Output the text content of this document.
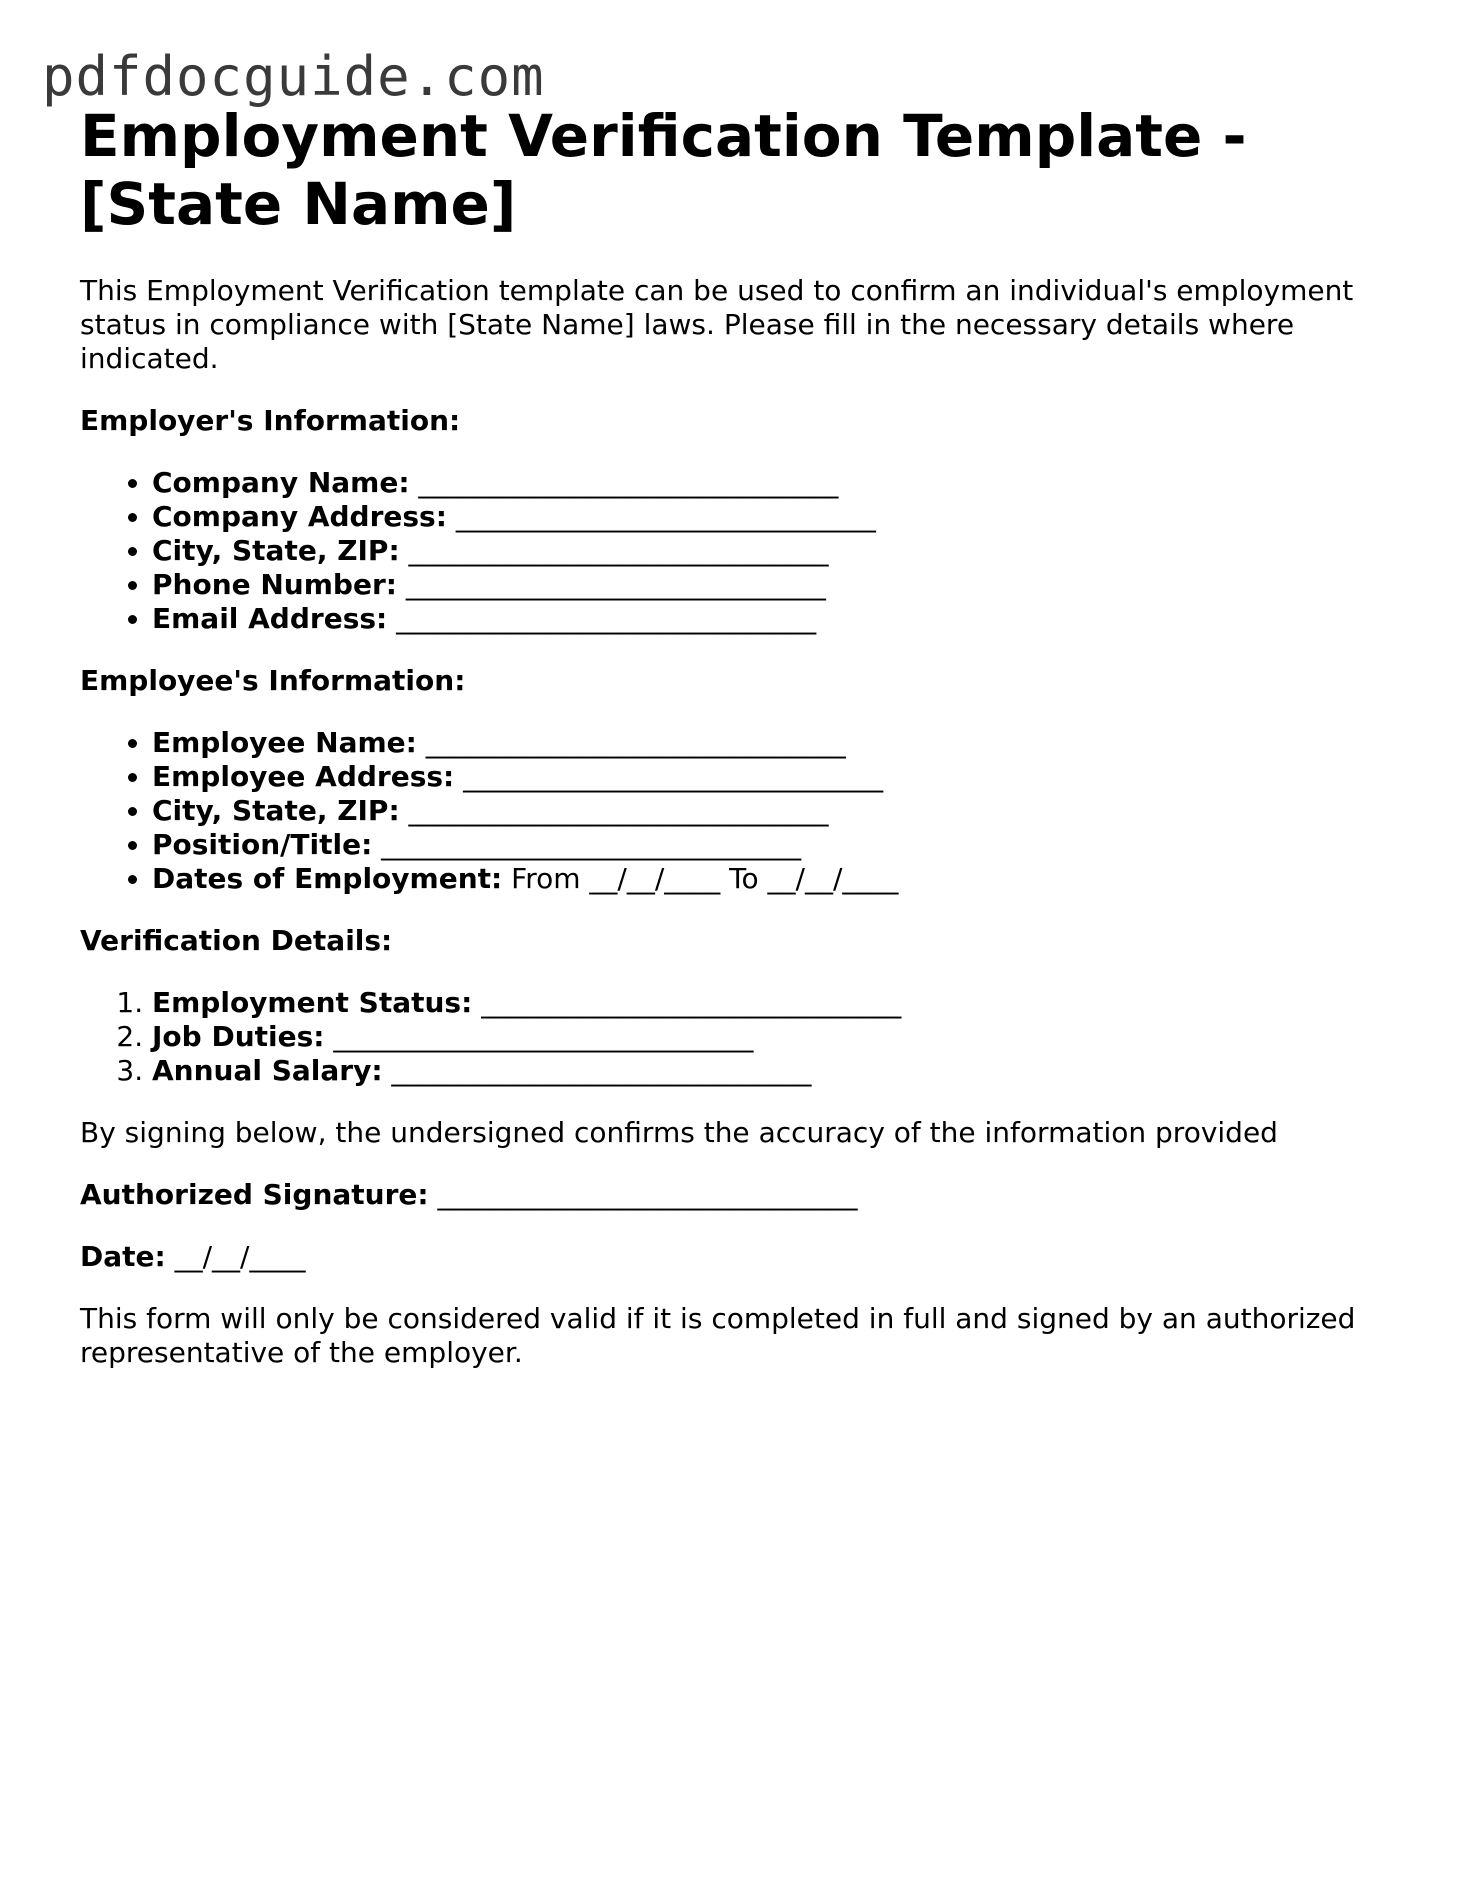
pdfdocguide.com
Employment Verification Template - [State Name]

This Employment Verification template can be used to confirm an individual's employment status in compliance with [State Name] laws. Please fill in the necessary details where indicated.

Employer's Information:
• Company Name: ______________________________
• Company Address: ______________________________
• City, State, ZIP: ______________________________
• Phone Number: ______________________________
• Email Address: ______________________________
Employee's Information:
• Employee Name: ______________________________
• Employee Address: ______________________________
• City, State, ZIP: ______________________________
• Position/Title: ______________________________
• Dates of Employment: From __/__/____ To __/__/____
Verification Details:
1. Employment Status: ______________________________
2. Job Duties: ______________________________
3. Annual Salary: ______________________________

By signing below, the undersigned confirms the accuracy of the information provided

Authorized Signature: ______________________________
Date: __/__/____

This form will only be considered valid if it is completed in full and signed by an authorized representative of the employer.
